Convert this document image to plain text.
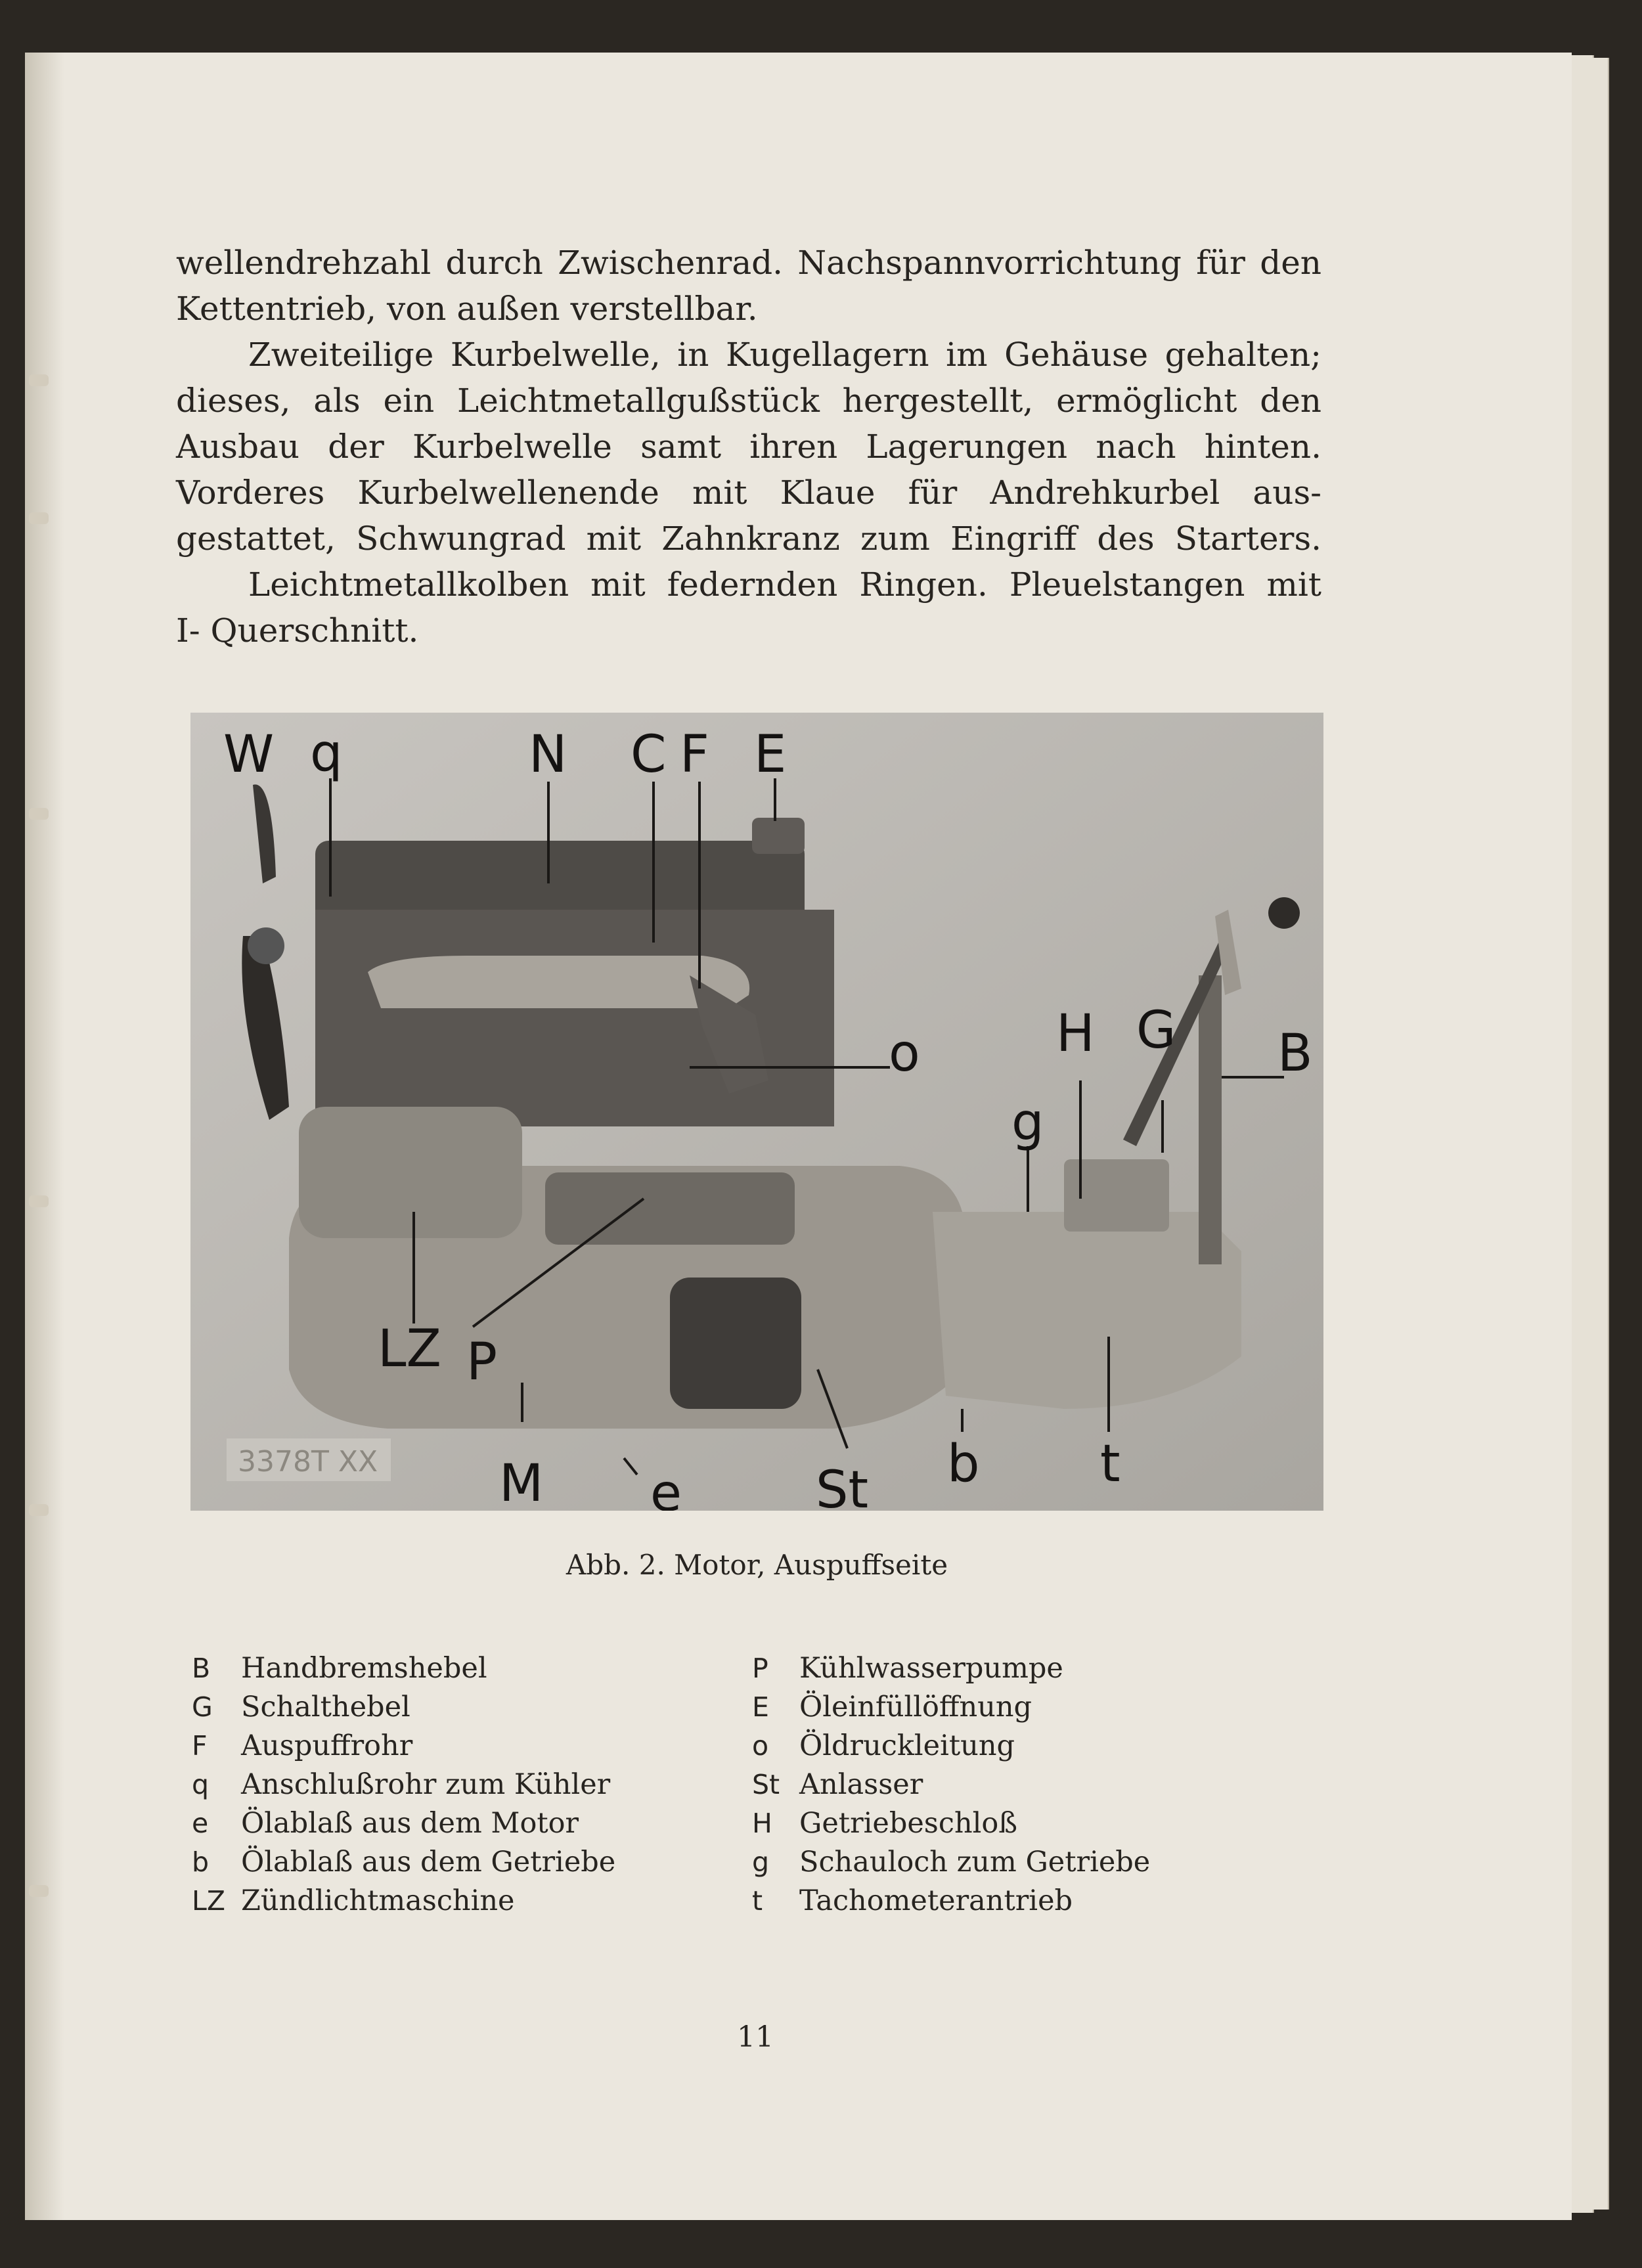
wellendrehzahl durch Zwischenrad. Nachspannvorrichtung für den
Kettentrieb, von außen verstellbar.
Zweiteilige Kurbelwelle, in Kugellagern im Gehäuse gehalten;
dieses, als ein Leichtmetallgußstück hergestellt, ermöglicht den
Ausbau der Kurbelwelle samt ihren Lagerungen nach hinten.
Vorderes Kurbelwellenende mit Klaue für Andrehkurbel aus-
gestattet, Schwungrad mit Zahnkranz zum Eingriff des Starters.
Leichtmetallkolben mit federnden Ringen. Pleuelstangen mit
I- Querschnitt.
3378T XX
W q	N C F E
o	H G B
g
LZ P
M e	St b t
Abb. 2. Motor, Auspuffseite
B	Handbremshebel
G	Schalthebel
F	Auspuffrohr
q	Anschlußrohr zum Kühler
e	Ölablaß aus dem Motor
b	Ölablaß aus dem Getriebe
LZ Zündlichtmaschine
P	Kühlwasserpumpe
E	Öleinfüllöffnung
o	Öldruckleitung
St Anlasser
H Getriebeschloß
g	Schauloch zum Getriebe
t	Tachometerantrieb
11
